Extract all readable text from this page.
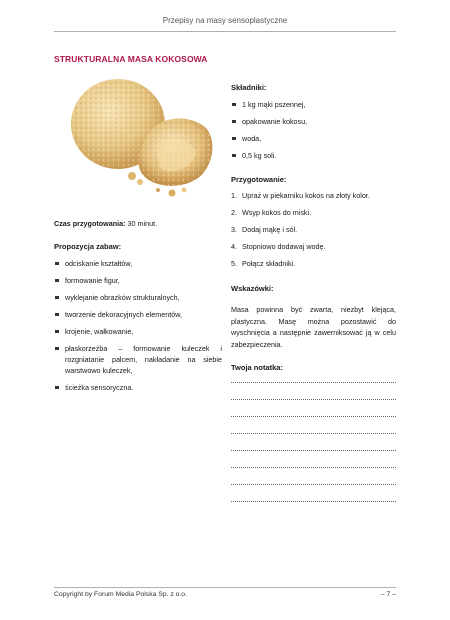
Przepisy na masy sensoplastyczne
STRUKTURALNA MASA KOKOSOWA

Czas przygotowania: 30 minut.

Propozycja zabaw:

odciskanie kształtów,
formowanie figur,
wyklejanie obrazków strukturalnych,
tworzenie dekoracyjnych elementów,
krojenie, wałkowanie,
płaskorzeźba – formowanie kuleczek i rozgniatanie palcem, nakładanie na siebie warstwowo kuleczek,
ścieżka sensoryczna.

Składniki:

1 kg mąki pszennej,
opakowanie kokosu,
woda,
0,5 kg soli.

Przygotowanie:

1. Upraż w piekarniku kokos na złoty kolor.
2. Wsyp kokos do miski.
3. Dodaj mąkę i sól.
4. Stopniowo dodawaj wodę.
5. Połącz składniki.

Wskazówki:

Masa powinna być zwarta, niezbyt klejąca, plastyczna. Masę można pozostawić do wyschnięcia a następnie zawerniksować ją w celu zabezpieczenia.

Twoja notatka:

Copyright by Forum Media Polska Sp. z o.o.	– 7 –
